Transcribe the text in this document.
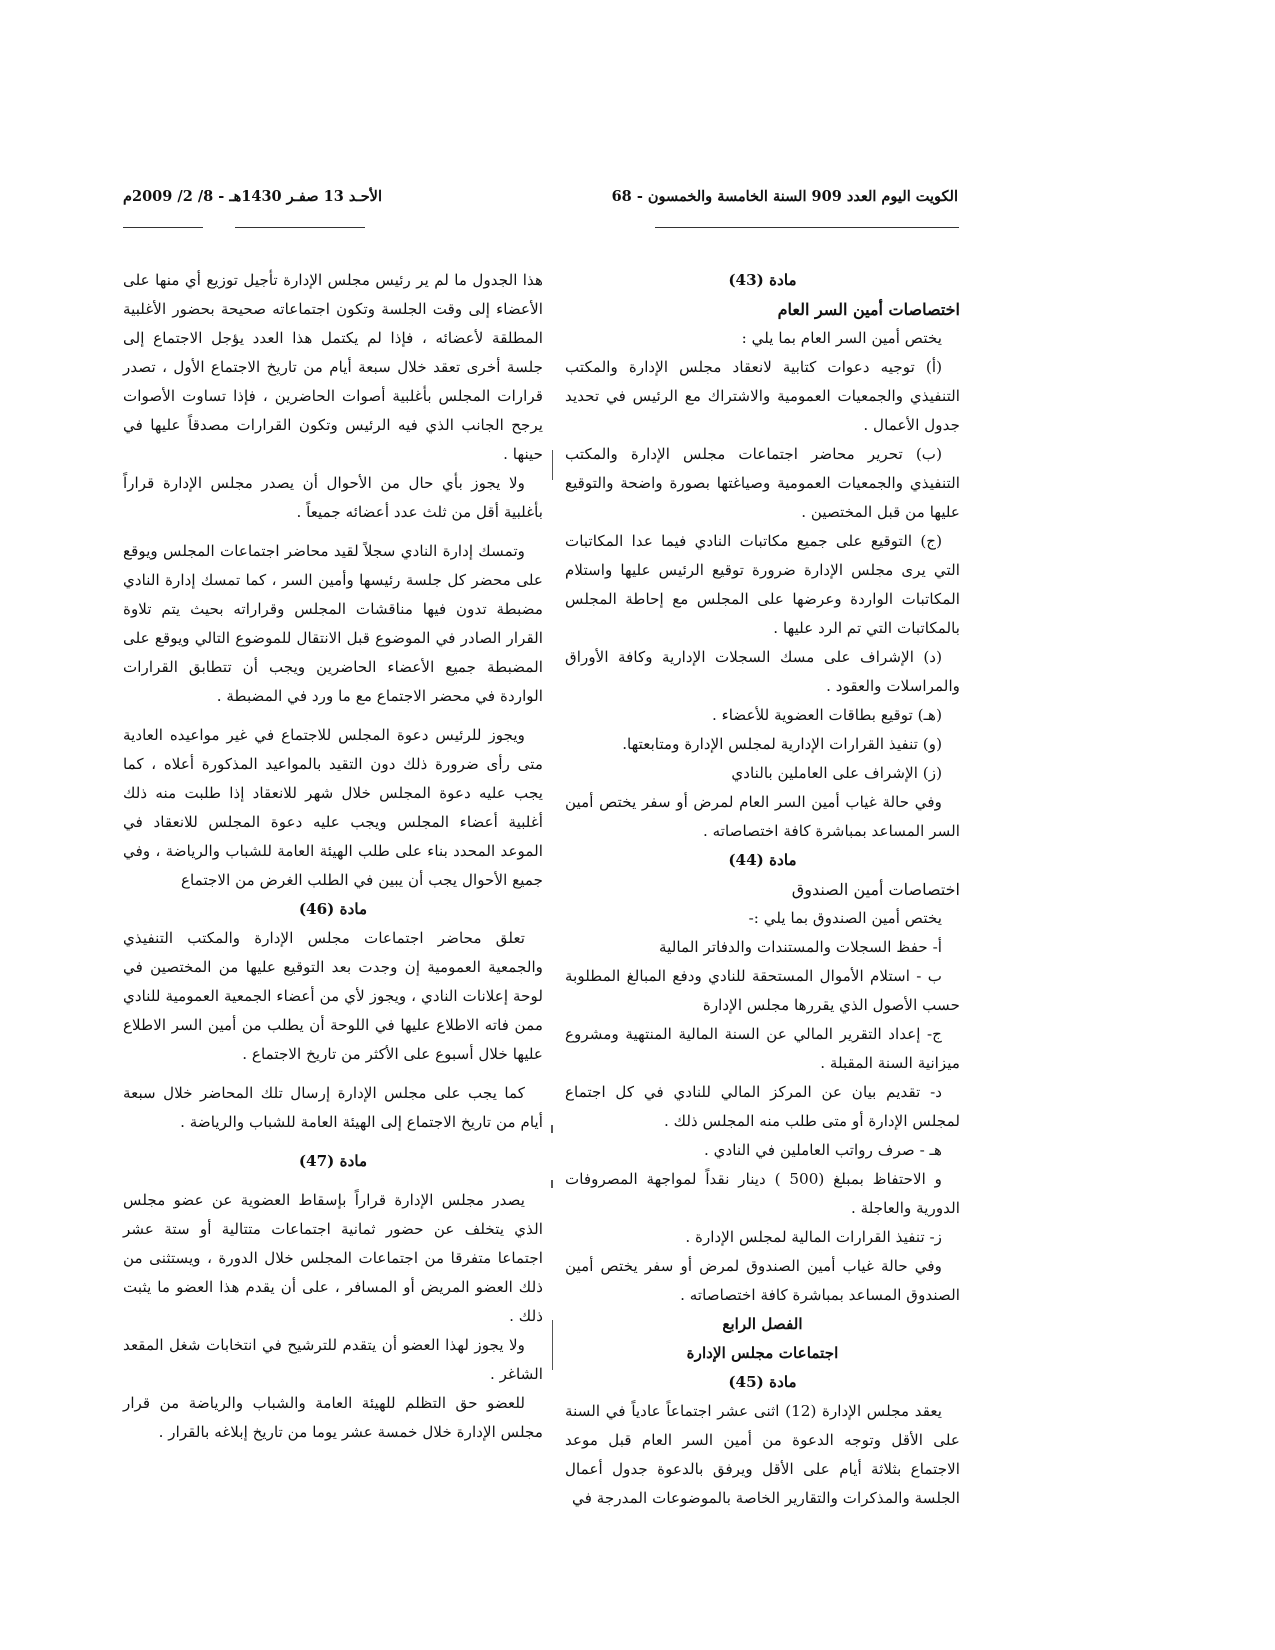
الكويت اليوم العدد 909 السنة الخامسة والخمسون - 68
الأحـد 13 صفـر 1430هـ - 8/ 2/ 2009م
مادة (43)
اختصاصات أمين السر العام

يختص أمين السر العام بما يلي :

(أ) توجيه دعوات كتابية لانعقاد مجلس الإدارة والمكتب التنفيذي والجمعيات العمومية والاشتراك مع الرئيس في تحديد جدول الأعمال .

(ب) تحرير محاضر اجتماعات مجلس الإدارة والمكتب التنفيذي والجمعيات العمومية وصياغتها بصورة واضحة والتوقيع عليها من قبل المختصين .

(ج) التوقيع على جميع مكاتبات النادي فيما عدا المكاتبات التي يرى مجلس الإدارة ضرورة توقيع الرئيس عليها واستلام المكاتبات الواردة وعرضها على المجلس مع إحاطة المجلس بالمكاتبات التي تم الرد عليها .

(د) الإشراف على مسك السجلات الإدارية وكافة الأوراق والمراسلات والعقود .

(هـ) توقيع بطاقات العضوية للأعضاء .

(و) تنفيذ القرارات الإدارية لمجلس الإدارة ومتابعتها.

(ز) الإشراف على العاملين بالنادي

وفي حالة غياب أمين السر العام لمرض أو سفر يختص أمين السر المساعد بمباشرة كافة اختصاصاته .

مادة (44)
اختصاصات أمين الصندوق

يختص أمين الصندوق بما يلي :-

أ- حفظ السجلات والمستندات والدفاتر المالية

ب - استلام الأموال المستحقة للنادي ودفع المبالغ المطلوبة حسب الأصول الذي يقررها مجلس الإدارة

ج- إعداد التقرير المالي عن السنة المالية المنتهية ومشروع ميزانية السنة المقبلة .

د- تقديم بيان عن المركز المالي للنادي في كل اجتماع لمجلس الإدارة أو متى طلب منه المجلس ذلك .

هـ - صرف رواتب العاملين في النادي .

و الاحتفاظ بمبلغ (500 ) دينار نقداً لمواجهة المصروفات الدورية والعاجلة .

ز- تنفيذ القرارات المالية لمجلس الإدارة .

وفي حالة غياب أمين الصندوق لمرض أو سفر يختص أمين الصندوق المساعد بمباشرة كافة اختصاصاته .

الفصل الرابع
اجتماعات مجلس الإدارة
مادة (45)

يعقد مجلس الإدارة (12) اثنى عشر اجتماعاً عادياً في السنة على الأقل وتوجه الدعوة من أمين السر العام قبل موعد الاجتماع بثلاثة أيام على الأقل ويرفق بالدعوة جدول أعمال الجلسة والمذكرات والتقارير الخاصة بالموضوعات المدرجة في

هذا الجدول ما لم ير رئيس مجلس الإدارة تأجيل توزيع أي منها على الأعضاء إلى وقت الجلسة وتكون اجتماعاته صحيحة بحضور الأغلبية المطلقة لأعضائه ، فإذا لم يكتمل هذا العدد يؤجل الاجتماع إلى جلسة أخرى تعقد خلال سبعة أيام من تاريخ الاجتماع الأول ، تصدر قرارات المجلس بأغلبية أصوات الحاضرين ، فإذا تساوت الأصوات يرجح الجانب الذي فيه الرئيس وتكون القرارات مصدقاً عليها في حينها .

ولا يجوز بأي حال من الأحوال أن يصدر مجلس الإدارة قراراً بأغلبية أقل من ثلث عدد أعضائه جميعاً .

وتمسك إدارة النادي سجلاً لقيد محاضر اجتماعات المجلس ويوقع على محضر كل جلسة رئيسها وأمين السر ، كما تمسك إدارة النادي مضبطة تدون فيها مناقشات المجلس وقراراته بحيث يتم تلاوة القرار الصادر في الموضوع قبل الانتقال للموضوع التالي ويوقع على المضبطة جميع الأعضاء الحاضرين ويجب أن تتطابق القرارات الواردة في محضر الاجتماع مع ما ورد في المضبطة .

ويجوز للرئيس دعوة المجلس للاجتماع في غير مواعيده العادية متى رأى ضرورة ذلك دون التقيد بالمواعيد المذكورة أعلاه ، كما يجب عليه دعوة المجلس خلال شهر للانعقاد إذا طلبت منه ذلك أغلبية أعضاء المجلس ويجب عليه دعوة المجلس للانعقاد في الموعد المحدد بناء على طلب الهيئة العامة للشباب والرياضة ، وفي جميع الأحوال يجب أن يبين في الطلب الغرض من الاجتماع

مادة (46)

تعلق محاضر اجتماعات مجلس الإدارة والمكتب التنفيذي والجمعية العمومية إن وجدت بعد التوقيع عليها من المختصين في لوحة إعلانات النادي ، ويجوز لأي من أعضاء الجمعية العمومية للنادي ممن فاته الاطلاع عليها في اللوحة أن يطلب من أمين السر الاطلاع عليها خلال أسبوع على الأكثر من تاريخ الاجتماع .

كما يجب على مجلس الإدارة إرسال تلك المحاضر خلال سبعة أيام من تاريخ الاجتماع إلى الهيئة العامة للشباب والرياضة .

مادة (47)

يصدر مجلس الإدارة قراراً بإسقاط العضوية عن عضو مجلس الذي يتخلف عن حضور ثمانية اجتماعات متتالية أو ستة عشر اجتماعا متفرقا من اجتماعات المجلس خلال الدورة ، ويستثنى من ذلك العضو المريض أو المسافر ، على أن يقدم هذا العضو ما يثبت ذلك .

ولا يجوز لهذا العضو أن يتقدم للترشيح في انتخابات شغل المقعد الشاغر .

للعضو حق التظلم للهيئة العامة والشباب والرياضة من قرار مجلس الإدارة خلال خمسة عشر يوما من تاريخ إبلاغه بالقرار .
